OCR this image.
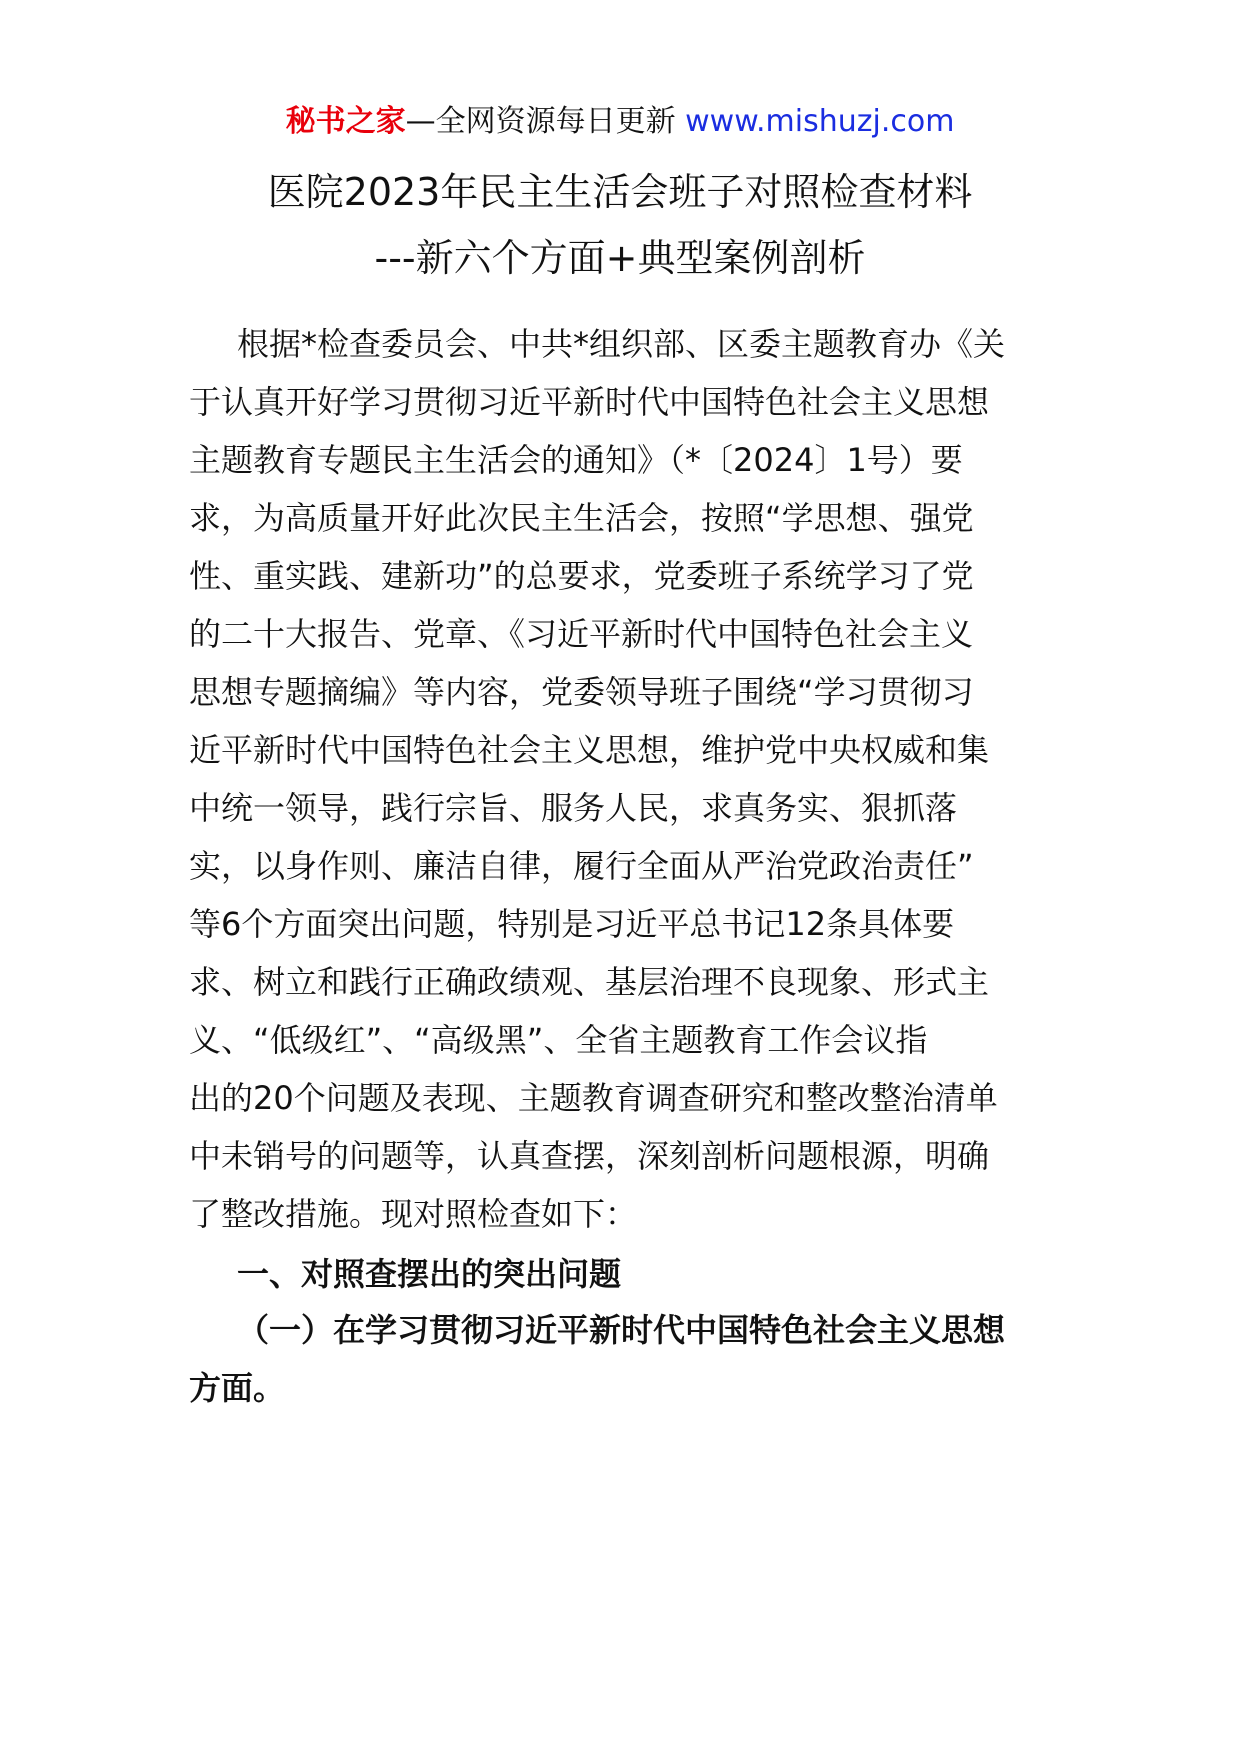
秘书之家—全网资源每日更新 www.mishuzj.com
医院2023年民主生活会班子对照检查材料
---新六个方面+典型案例剖析
根据*检查委员会、中共*组织部、区委主题教育办《关
于认真开好学习贯彻习近平新时代中国特色社会主义思想
主题教育专题民主生活会的通知》（*〔2024〕1号）要
求，为高质量开好此次民主生活会，按照“学思想、强党
性、重实践、建新功”的总要求，党委班子系统学习了党
的二十大报告、党章、《习近平新时代中国特色社会主义
思想专题摘编》等内容，党委领导班子围绕“学习贯彻习
近平新时代中国特色社会主义思想，维护党中央权威和集
中统一领导，践行宗旨、服务人民，求真务实、狠抓落
实，以身作则、廉洁自律，履行全面从严治党政治责任”
等6个方面突出问题，特别是习近平总书记12条具体要
求、树立和践行正确政绩观、基层治理不良现象、形式主
义、“低级红”、“高级黑”、全省主题教育工作会议指
出的20个问题及表现、主题教育调查研究和整改整治清单
中未销号的问题等，认真查摆，深刻剖析问题根源，明确
了整改措施。现对照检查如下：
一、对照查摆出的突出问题
（一）在学习贯彻习近平新时代中国特色社会主义思想
方面。
